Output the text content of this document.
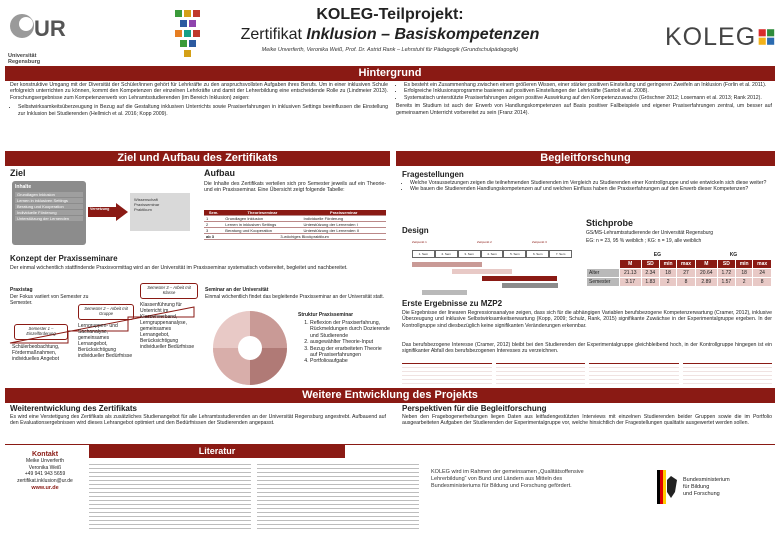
UR
Universität Regensburg
KOLEG-Teilprojekt:
Zertifikat Inklusion – Basiskompetenzen
Meike Unverferth, Veronika Weiß, Prof. Dr. Astrid Rank – Lehrstuhl für Pädagogik (Grundschulpädagogik)	KOLEG
Hintergrund
Der konstruktive Umgang mit der Diversität der Schüler/innen gehört für Lehrkräfte zu den anspruchsvollsten Aufgaben ihres Berufs. Um in einer inklusiven Schule erfolgreich unterrichten zu können, kommt den Kompetenzen der einzelnen Lehrkräfte und damit der Lehrerbildung eine entscheidende Rolle zu (Lindmeier 2013). Forschungsergebnisse zum Kompetenzerwerb von Lehramtsstudierenden (im Bereich Inklusion) zeigen:
• Selbstwirksamkeitsüberzeugung in Bezug auf die Gestaltung inklusiven Unterrichts sowie Praxiserfahrungen in inklusiven Settings beeinflussen die Einstellung zur Inklusion bei Studierenden (Hellmich et al. 2016; Kopp 2009).
• Es besteht ein Zusammenhang zwischen einem größeren Wissen, einer stärker positiven Einstellung und geringeren Zweifeln an Inklusion (Forlin et al. 2011).
• Erfolgreiche Inklusionsprogramme basieren auf positiven Einstellungen der Lehrkräfte (Santoli et al. 2008).
• Systematisch unterstützte Praxiserfahrungen zeigen positive Auswirkung auf den Kompetenzzuwachs (Gröschner 2012; Losemann et al. 2013; Rank 2012).
Bereits im Studium ist auch der Erwerb von Handlungskompetenzen auf Basis positiver Fallbeispiele und eigener Praxiserfahrungen zentral, um besser auf gemeinsamen Unterricht vorbereitet zu sein (Franz 2014).
Ziel und Aufbau des Zertifikats
Ziel
Inhalte
Grundlagen Inklusion
Lernen in inklusiven Settings
Beratung und Kooperation
Individuelle Förderung
Unterstützung der Lernenden
Vernetzung
Wissenschaft
Praxisseminar
Praktikum
Aufbau
Die Inhalte des Zertifikats verteilen sich pro Semester jeweils auf ein Theorie- und ein Praxisseminar. Eine Übersicht zeigt folgende Tabelle:
Sem.	Theorieseminar	Praxisseminar
1	Grundlagen Inklusion	Individuelle Förderung
2	Lernen in inklusiven Settings	Unterstützung der Lernenden I
3	Beratung und Kooperation	Unterstützung der Lernenden II
ab 3	3-wöchiges Blockpraktikum	
Konzept der Praxisseminare
Der einmal wöchentlich stattfindende Praxisvormittag wird an der Universität im Praxisseminar systematisch vorbereitet, begleitet und nachbereitet.
Praxistag
Der Fokus variiert von Semester zu Semester.
Semester 3 – Arbeit mit Klasse
Semester 2 – Arbeit mit Gruppe
Semester 1 – Einzelförderung
Schülerbeobachtung, Fördermaßnahmen, individuelles Angebot
Lerngruppen- und Sachanalyse, gemeinsames Lernangebot, Berücksichtigung individueller Bedürfnisse
Klassenführung für Unterricht im Klassenverband, Lerngruppenanalyse, gemeinsames Lernangebot, Berücksichtigung individueller Bedürfnisse
Seminar an der Universität
Einmal wöchentlich findet das begleitende Praxisseminar an der Universität statt.
Struktur Praxisseminar
1. Reflexion der Praxiserfahrung, Rückmeldungen durch Dozierende und Studierende
2. ausgewählter Theorie-Input
3. Bezug der erarbeiteten Theorie auf Praxiserfahrungen
4. Portfolioaufgabe
Begleitforschung
Fragestellungen
• Welche Voraussetzungen zeigen die teilnehmenden Studierenden im Vergleich zu Studierenden einer Kontrollgruppe und wie entwickeln sich diese weiter?
• Wie bauen die Studierenden Handlungskompetenzen auf und welchen Einfluss haben die Praxiserfahrungen auf den Erwerb dieser Kompetenzen?
Design
Zeitpunkt 1	Zeitpunkt 2	Zeitpunkt 3
1. Sem	2. Sem	3. Sem	4. Sem	5. Sem	6. Sem	7. Sem
Stichprobe
GS/MS-Lehramtsstudierende der Universität Regensburg
EG: n = 23, 95 % weiblich ; KG: n = 19, alle weiblich
	EG				KG			
	M	SD	min	max	M	SD	min	max
Alter	21.13	2.34	18	27	20.64	1.72	18	24
Semester	3.17	1.83	2	8	2.89	1.57	2	8
Erste Ergebnisse zu MZP2
Die Ergebnisse der linearen Regressionsanalyse zeigen, dass sich für die abhängigen Variablen berufsbezogene Kompetenzerwartung (Cramer, 2012), inklusive Überzeugung und inklusive Selbstwirksamkeitserwartung (Kopp, 2009; Schulz, Rank, 2015) signifikante Zuwächse in der Experimentalgruppe ergeben. In der Kontrollgruppe sind diesbezüglich keine signifikanten Veränderungen erkennbar.
Das berufsbezogene Interesse (Cramer, 2012) bleibt bei den Studierenden der Experimentalgruppe gleichbleibend hoch, in der Kontrollgruppe hingegen ist ein signifikanter Abfall des berufsbezogenen Interesses zu verzeichnen.
Weitere Entwicklung des Projekts
Weiterentwicklung des Zertifikats
Es wird eine Verstetigung des Zertifikats als zusätzliches Studienangebot für alle Lehramtsstudierenden an der Universität Regensburg angestrebt. Aufbauend auf den Evaluationsergebnissen wird dieses Lehrangebot optimiert und den Bedürfnissen der Studierenden angepasst.
Perspektiven für die Begleitforschung
Neben den Fragebogenerhebungen liegen Daten aus leitfadengestützten Interviews mit einzelnen Studierenden beider Gruppen sowie die im Portfolio ausgearbeiteten Aufgaben der Studierenden der Experimentalgruppe vor, welche hinsichtlich der Fragestellungen qualitativ ausgewertet werden sollen.
Kontakt
Meike Unverferth
Veronika Weiß
+49 941 943 5659
zertifikat.inklusion@ur.de
www.ur.de
Literatur
KOLEG wird im Rahmen der gemeinsamen „Qualitätsoffensive Lehrerbildung“ von Bund und Ländern aus Mitteln des Bundesministeriums für Bildung und Forschung gefördert.
Bundesministerium
für Bildung
und Forschung
